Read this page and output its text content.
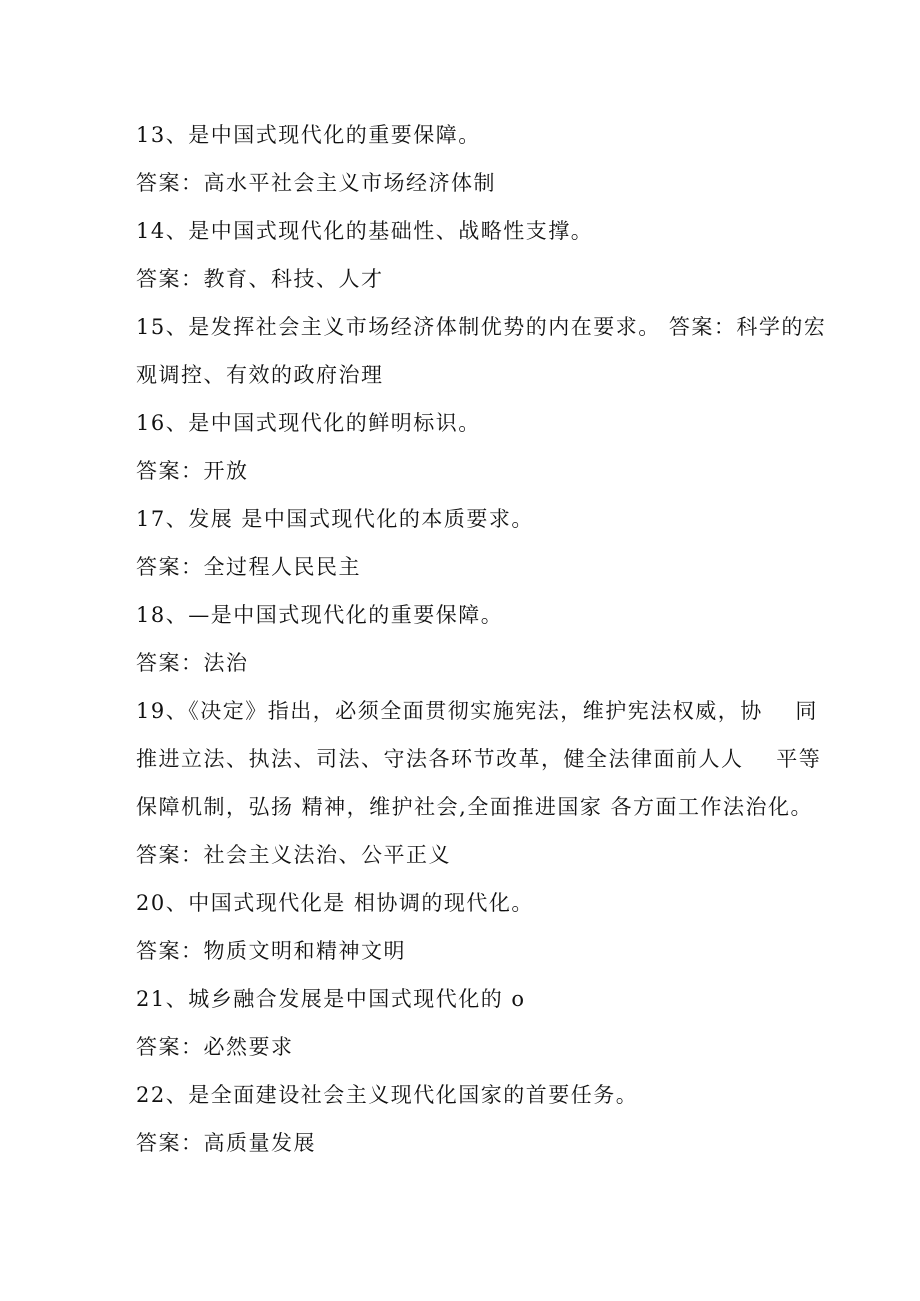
13、是中国式现代化的重要保障。
答案：高水平社会主义市场经济体制
14、是中国式现代化的基础性、战略性支撑。
答案：教育、科技、人才
15、是发挥社会主义市场经济体制优势的内在要求。 答案：科学的宏
观调控、有效的政府治理
16、是中国式现代化的鲜明标识。
答案：开放
17、发展 是中国式现代化的本质要求。
答案：全过程人民民主
18、—是中国式现代化的重要保障。
答案：法治
19、《决定》指出，必须全面贯彻实施宪法，维护宪法权威，协    同
推进立法、执法、司法、守法各环节改革，健全法律面前人人    平等
保障机制，弘扬 精神，维护社会,全面推进国家 各方面工作法治化。
答案：社会主义法治、公平正义
20、中国式现代化是 相协调的现代化。
答案：物质文明和精神文明
21、城乡融合发展是中国式现代化的 o
答案：必然要求
22、是全面建设社会主义现代化国家的首要任务。
答案：高质量发展
